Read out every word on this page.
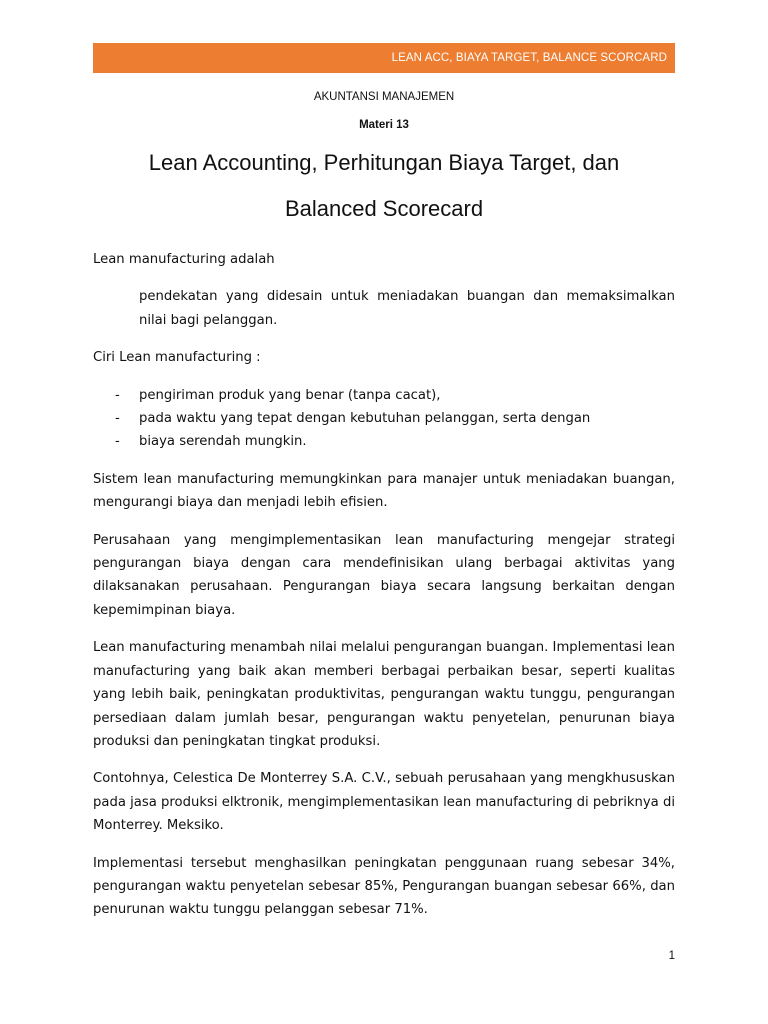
LEAN ACC, BIAYA TARGET, BALANCE SCORCARD
AKUNTANSI MANAJEMEN
Materi 13
Lean Accounting, Perhitungan Biaya Target, dan
Balanced Scorecard

Lean manufacturing adalah

pendekatan yang didesain untuk meniadakan buangan dan memaksimalkan nilai bagi pelanggan.

Ciri Lean manufacturing :

- pengiriman produk yang benar (tanpa cacat),
- pada waktu yang tepat dengan kebutuhan pelanggan, serta dengan
- biaya serendah mungkin.

Sistem lean manufacturing memungkinkan para manajer untuk meniadakan buangan, mengurangi biaya dan menjadi lebih efisien.

Perusahaan yang mengimplementasikan lean manufacturing mengejar strategi pengurangan biaya dengan cara mendefinisikan ulang berbagai aktivitas yang dilaksanakan perusahaan. Pengurangan biaya secara langsung berkaitan dengan kepemimpinan biaya.

Lean manufacturing menambah nilai melalui pengurangan buangan. Implementasi lean manufacturing yang baik akan memberi berbagai perbaikan besar, seperti kualitas yang lebih baik, peningkatan produktivitas, pengurangan waktu tunggu, pengurangan persediaan dalam jumlah besar, pengurangan waktu penyetelan, penurunan biaya produksi dan peningkatan tingkat produksi.

Contohnya, Celestica De Monterrey S.A. C.V., sebuah perusahaan yang mengkhususkan pada jasa produksi elktronik, mengimplementasikan lean manufacturing di pebriknya di Monterrey. Meksiko.

Implementasi tersebut menghasilkan peningkatan penggunaan ruang sebesar 34%, pengurangan waktu penyetelan sebesar 85%, Pengurangan buangan sebesar 66%, dan penurunan waktu tunggu pelanggan sebesar 71%.

1
